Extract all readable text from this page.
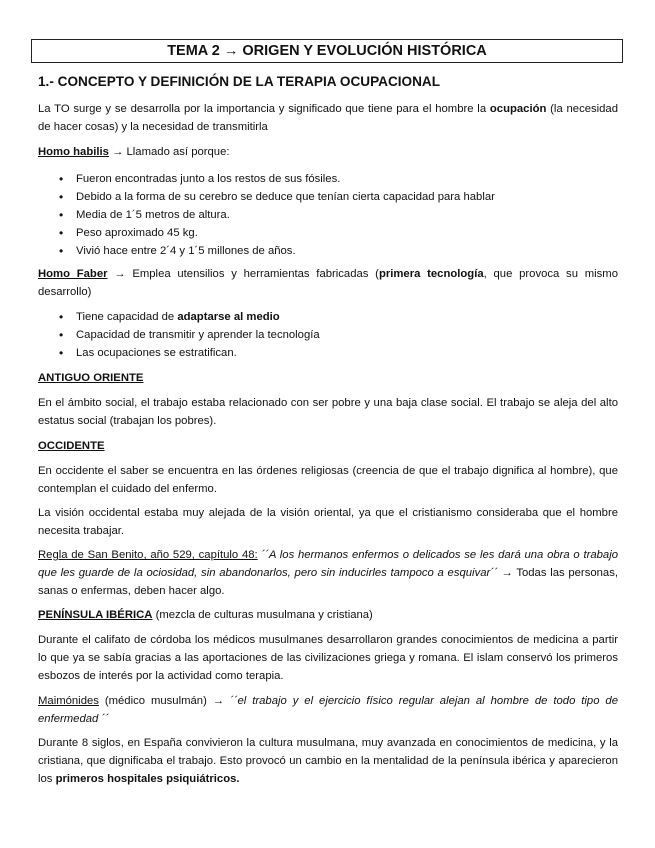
TEMA 2 → ORIGEN Y EVOLUCIÓN HISTÓRICA
1.- CONCEPTO Y DEFINICIÓN DE LA TERAPIA OCUPACIONAL
La TO surge y se desarrolla por la importancia y significado que tiene para el hombre la ocupación (la necesidad de hacer cosas) y la necesidad de transmitirla
Homo habilis → Llamado así porque:
• Fueron encontradas junto a los restos de sus fósiles.
• Debido a la forma de su cerebro se deduce que tenían cierta capacidad para hablar
• Media de 1´5 metros de altura.
• Peso aproximado 45 kg.
• Vivió hace entre 2´4 y 1´5 millones de años.
Homo Faber → Emplea utensilios y herramientas fabricadas (primera tecnología, que provoca su mismo desarrollo)
• Tiene capacidad de adaptarse al medio
• Capacidad de transmitir y aprender la tecnología
• Las ocupaciones se estratifican.
ANTIGUO ORIENTE
En el ámbito social, el trabajo estaba relacionado con ser pobre y una baja clase social. El trabajo se aleja del alto estatus social (trabajan los pobres).
OCCIDENTE
En occidente el saber se encuentra en las órdenes religiosas (creencia de que el trabajo dignifica al hombre), que contemplan el cuidado del enfermo.
La visión occidental estaba muy alejada de la visión oriental, ya que el cristianismo consideraba que el hombre necesita trabajar.
Regla de San Benito, año 529, capítulo 48: ´´A los hermanos enfermos o delicados se les dará una obra o trabajo que les guarde de la ociosidad, sin abandonarlos, pero sin inducirles tampoco a esquivar´´ → Todas las personas, sanas o enfermas, deben hacer algo.
PENÍNSULA IBÉRICA (mezcla de culturas musulmana y cristiana)
Durante el califato de córdoba los médicos musulmanes desarrollaron grandes conocimientos de medicina a partir lo que ya se sabía gracias a las aportaciones de las civilizaciones griega y romana. El islam conservó los primeros esbozos de interés por la actividad como terapia.
Maimónides (médico musulmán) → ´´el trabajo y el ejercicio físico regular alejan al hombre de todo tipo de enfermedad ´´
Durante 8 siglos, en España convivieron la cultura musulmana, muy avanzada en conocimientos de medicina, y la cristiana, que dignificaba el trabajo. Esto provocó un cambio en la mentalidad de la península ibérica y aparecieron los primeros hospitales psiquiátricos.
